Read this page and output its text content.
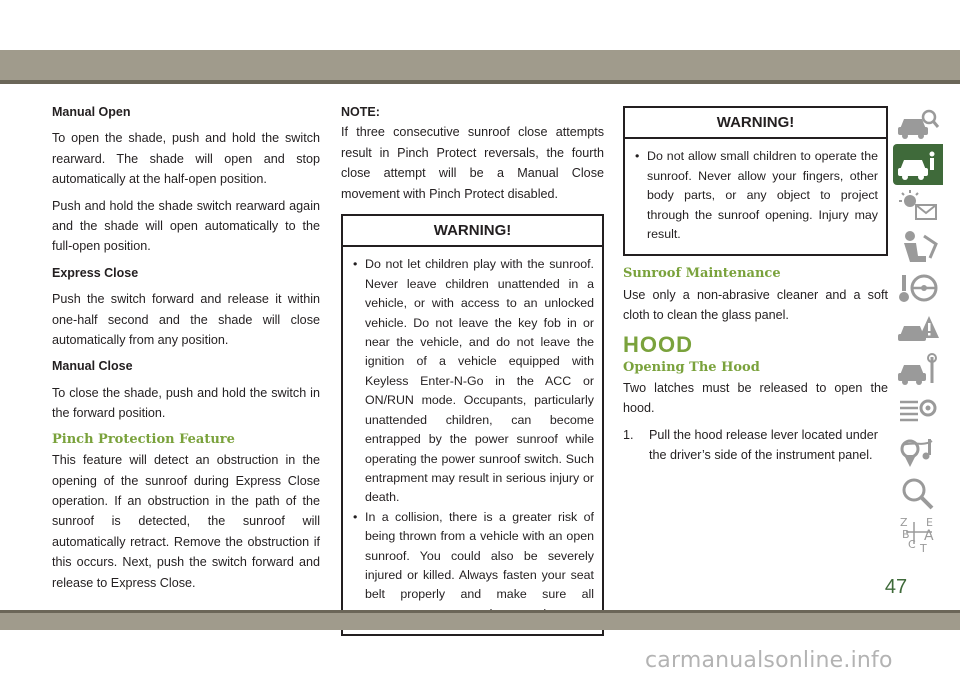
Manual Open

To open the shade, push and hold the switch rearward. The shade will open and stop automatically at the half-open position.

Push and hold the shade switch rearward again and the shade will open automatically to the full-open position.

Express Close

Push the switch forward and release it within one-half second and the shade will close automatically from any position.

Manual Close

To close the shade, push and hold the switch in the forward position.

Pinch Protection Feature

This feature will detect an obstruction in the opening of the sunroof during Express Close operation. If an obstruction in the path of the sunroof is detected, the sunroof will automatically retract. Remove the obstruction if this occurs. Next, push the switch forward and release to Express Close.

NOTE:

If three consecutive sunroof close attempts result in Pinch Protect reversals, the fourth close attempt will be a Manual Close movement with Pinch Protect disabled.

WARNING!
• Do not let children play with the sunroof. Never leave children unattended in a vehicle, or with access to an unlocked vehicle. Do not leave the key fob in or near the vehicle, and do not leave the ignition of a vehicle equipped with Keyless Enter-N-Go in the ACC or ON/RUN mode. Occupants, particularly unattended children, can become entrapped by the power sunroof while operating the power sunroof switch. Such entrapment may result in serious injury or death.
• In a collision, there is a greater risk of being thrown from a vehicle with an open sunroof. You could also be severely injured or killed. Always fasten your seat belt properly and make sure all
WARNING!
• Do not allow small children to operate the sunroof. Never allow your fingers, other body parts, or any object to project through the sunroof opening. Injury may result.

Sunroof Maintenance

Use only a non-abrasive cleaner and a soft cloth to clean the glass panel.

HOOD

Opening The Hood

Two latches must be released to open the hood.

1. Pull the hood release lever located under the driver’s side of the instrument panel.
Z E
B A
C T
47
carmanualsonline.info
